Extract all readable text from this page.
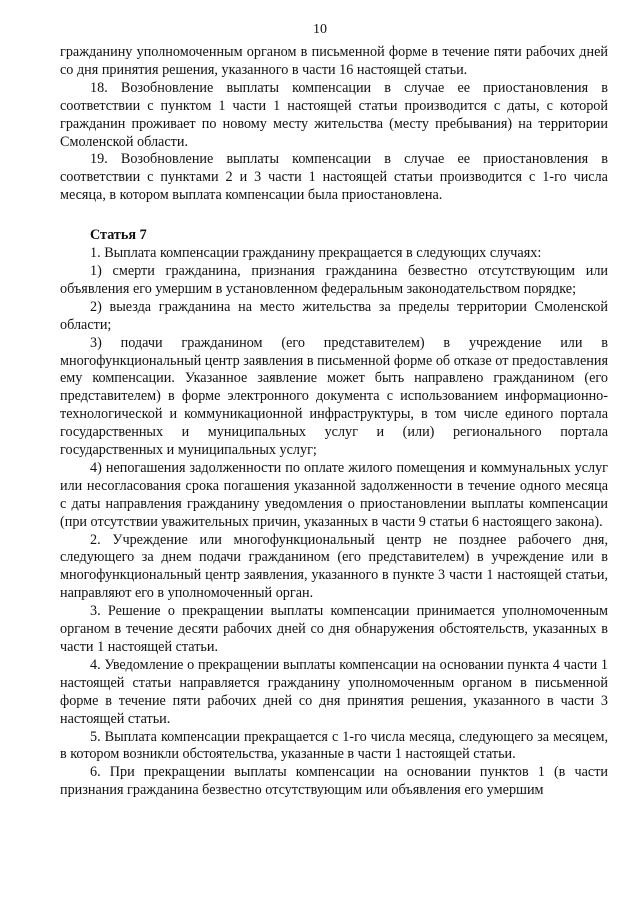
10

гражданину уполномоченным органом в письменной форме в течение пяти рабочих дней со дня принятия решения, указанного в части 16 настоящей статьи.

18. Возобновление выплаты компенсации в случае ее приостановления в соответствии с пунктом 1 части 1 настоящей статьи производится с даты, с которой гражданин проживает по новому месту жительства (месту пребывания) на территории Смоленской области.

19. Возобновление выплаты компенсации в случае ее приостановления в соответствии с пунктами 2 и 3 части 1 настоящей статьи производится с 1-го числа месяца, в котором выплата компенсации была приостановлена.

Статья 7

1. Выплата компенсации гражданину прекращается в следующих случаях:

1) смерти гражданина, признания гражданина безвестно отсутствующим или объявления его умершим в установленном федеральным законодательством порядке;

2) выезда гражданина на место жительства за пределы территории Смоленской области;

3) подачи гражданином (его представителем) в учреждение или в многофункциональный центр заявления в письменной форме об отказе от предоставления ему компенсации. Указанное заявление может быть направлено гражданином (его представителем) в форме электронного документа с использованием информационно-технологической и коммуникационной инфраструктуры, в том числе единого портала государственных и муниципальных услуг и (или) регионального портала государственных и муниципальных услуг;

4) непогашения задолженности по оплате жилого помещения и коммунальных услуг или несогласования срока погашения указанной задолженности в течение одного месяца с даты направления гражданину уведомления о приостановлении выплаты компенсации (при отсутствии уважительных причин, указанных в части 9 статьи 6 настоящего закона).

2. Учреждение или многофункциональный центр не позднее рабочего дня, следующего за днем подачи гражданином (его представителем) в учреждение или в многофункциональный центр заявления, указанного в пункте 3 части 1 настоящей статьи, направляют его в уполномоченный орган.

3. Решение о прекращении выплаты компенсации принимается уполномоченным органом в течение десяти рабочих дней со дня обнаружения обстоятельств, указанных в части 1 настоящей статьи.

4. Уведомление о прекращении выплаты компенсации на основании пункта 4 части 1 настоящей статьи направляется гражданину уполномоченным органом в письменной форме в течение пяти рабочих дней со дня принятия решения, указанного в части 3 настоящей статьи.

5. Выплата компенсации прекращается с 1-го числа месяца, следующего за месяцем, в котором возникли обстоятельства, указанные в части 1 настоящей статьи.

6. При прекращении выплаты компенсации на основании пунктов 1 (в части признания гражданина безвестно отсутствующим или объявления его умершим
